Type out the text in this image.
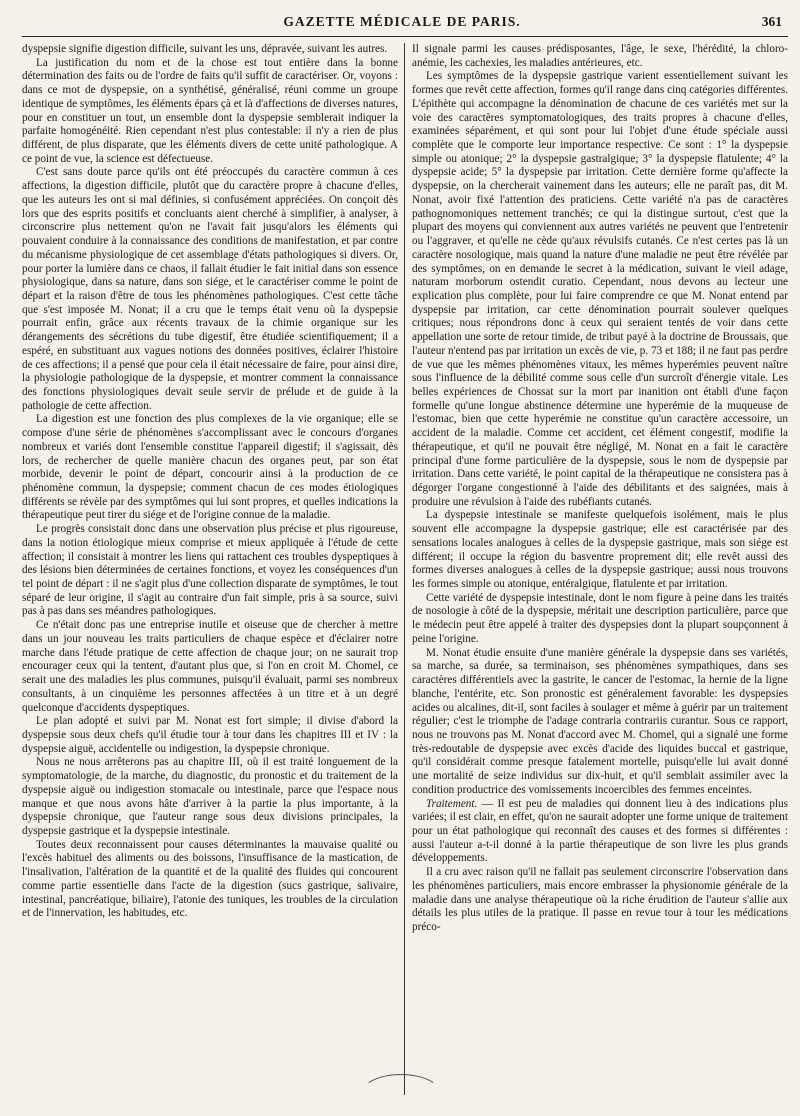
GAZETTE MÉDICALE DE PARIS.	361

dyspepsie signifie digestion difficile, suivant les uns, dépravée, suivant les autres.

La justification du nom et de la chose est tout entière dans la bonne détermination des faits ou de l'ordre de faits qu'il suffit de caractériser. Or, voyons : dans ce mot de dyspepsie, on a synthétisé, généralisé, réuni comme un groupe identique de symptômes, les éléments épars çà et là d'affections de diverses natures, pour en constituer un tout, un ensemble dont la dyspepsie semblerait indiquer la parfaite homogénéité. Rien cependant n'est plus contestable: il n'y a rien de plus différent, de plus disparate, que les éléments divers de cette unité pathologique. A ce point de vue, la science est défectueuse.

C'est sans doute parce qu'ils ont été préoccupés du caractère commun à ces affections, la digestion difficile, plutôt que du caractère propre à chacune d'elles, que les auteurs les ont si mal définies, si confusément appréciées. On conçoit dès lors que des esprits positifs et concluants aient cherché à simplifier, à analyser, à circonscrire plus nettement qu'on ne l'avait fait jusqu'alors les éléments qui pouvaient conduire à la connaissance des conditions de manifestation, et par contre du mécanisme physiologique de cet assemblage d'états pathologiques si divers. Or, pour porter la lumière dans ce chaos, il fallait étudier le fait initial dans son essence physiologique, dans sa nature, dans son siége, et le caractériser comme le point de départ et la raison d'être de tous les phénomènes pathologiques. C'est cette tâche que s'est imposée M. Nonat; il a cru que le temps était venu où la dyspepsie pourrait enfin, grâce aux récents travaux de la chimie organique sur les dérangements des sécrétions du tube digestif, être étudiée scientifiquement; il a espéré, en substituant aux vagues notions des données positives, éclairer l'histoire de ces affections; il a pensé que pour cela il était nécessaire de faire, pour ainsi dire, la physiologie pathologique de la dyspepsie, et montrer comment la connaissance des fonctions physiologiques devait seule servir de prélude et de guide à la pathologie de cette affection.

La digestion est une fonction des plus complexes de la vie organique; elle se compose d'une série de phénomènes s'accomplissant avec le concours d'organes nombreux et variés dont l'ensemble constitue l'appareil digestif; il s'agissait, dès lors, de rechercher de quelle manière chacun des organes peut, par son état morbide, devenir le point de départ, concourir ainsi à la production de ce phénomène commun, la dyspepsie; comment chacun de ces modes étiologiques différents se révèle par des symptômes qui lui sont propres, et quelles indications la thérapeutique peut tirer du siége et de l'origine connue de la maladie.

Le progrès consistait donc dans une observation plus précise et plus rigoureuse, dans la notion étiologique mieux comprise et mieux appliquée à l'étude de cette affection; il consistait à montrer les liens qui rattachent ces troubles dyspeptiques à des lésions bien déterminées de certaines fonctions, et voyez les conséquences d'un tel point de départ : il ne s'agit plus d'une collection disparate de symptômes, le tout séparé de leur origine, il s'agit au contraire d'un fait simple, pris à sa source, suivi pas à pas dans ses méandres pathologiques.

Ce n'était donc pas une entreprise inutile et oiseuse que de chercher à mettre dans un jour nouveau les traits particuliers de chaque espèce et d'éclairer notre marche dans l'étude pratique de cette affection de chaque jour; on ne saurait trop encourager ceux qui la tentent, d'autant plus que, si l'on en croit M. Chomel, ce serait une des maladies les plus communes, puisqu'il évaluait, parmi ses nombreux consultants, à un cinquième les personnes affectées à un titre et à un degré quelconque d'accidents dyspeptiques.

Le plan adopté et suivi par M. Nonat est fort simple; il divise d'abord la dyspepsie sous deux chefs qu'il étudie tour à tour dans les chapitres III et IV : la dyspepsie aiguë, accidentelle ou indigestion, la dyspepsie chronique.

Nous ne nous arrêterons pas au chapitre III, où il est traité longuement de la symptomatologie, de la marche, du diagnostic, du pronostic et du traitement de la dyspepsie aiguë ou indigestion stomacale ou intestinale, parce que l'espace nous manque et que nous avons hâte d'arriver à la partie la plus importante, à la dyspepsie chronique, que l'auteur range sous deux divisions principales, la dyspepsie gastrique et la dyspepsie intestinale.

Toutes deux reconnaissent pour causes déterminantes la mauvaise qualité ou l'excès habituel des aliments ou des boissons, l'insuffisance de la mastication, de l'insalivation, l'altération de la quantité et de la qualité des fluides qui concourent comme partie essentielle dans l'acte de la digestion (sucs gastrique, salivaire, intestinal, pancréatique, biliaire), l'atonie des tuniques, les troubles de la circulation et de l'innervation, les habitudes, etc.

Il signale parmi les causes prédisposantes, l'âge, le sexe, l'hérédité, la chloro-anémie, les cachexies, les maladies antérieures, etc.

Les symptômes de la dyspepsie gastrique varient essentiellement suivant les formes que revêt cette affection, formes qu'il range dans cinq catégories différentes. L'épithète qui accompagne la dénomination de chacune de ces variétés met sur la voie des caractères symptomatologiques, des traits propres à chacune d'elles, examinées séparément, et qui sont pour lui l'objet d'une étude spéciale aussi complète que le comporte leur importance respective. Ce sont : 1° la dyspepsie simple ou atonique; 2° la dyspepsie gastralgique; 3° la dyspepsie flatulente; 4° la dyspepsie acide; 5° la dyspepsie par irritation. Cette dernière forme qu'affecte la dyspepsie, on la chercherait vainement dans les auteurs; elle ne paraît pas, dit M. Nonat, avoir fixé l'attention des praticiens. Cette variété n'a pas de caractères pathognomoniques nettement tranchés; ce qui la distingue surtout, c'est que la plupart des moyens qui conviennent aux autres variétés ne peuvent que l'entretenir ou l'aggraver, et qu'elle ne cède qu'aux révulsifs cutanés. Ce n'est certes pas là un caractère nosologique, mais quand la nature d'une maladie ne peut être révélée par des symptômes, on en demande le secret à la médication, suivant le vieil adage, naturam morborum ostendit curatio. Cependant, nous devons au lecteur une explication plus complète, pour lui faire comprendre ce que M. Nonat entend par dyspepsie par irritation, car cette dénomination pourrait soulever quelques critiques; nous répondrons donc à ceux qui seraient tentés de voir dans cette appellation une sorte de retour timide, de tribut payé à la doctrine de Broussais, que l'auteur n'entend pas par irritation un excès de vie, p. 73 et 188; il ne faut pas perdre de vue que les mêmes phénomènes vitaux, les mêmes hyperémies peuvent naître sous l'influence de la débilité comme sous celle d'un surcroît d'énergie vitale. Les belles expériences de Chossat sur la mort par inanition ont établi d'une façon formelle qu'une longue abstinence détermine une hyperémie de la muqueuse de l'estomac, bien que cette hyperémie ne constitue qu'un caractère accessoire, un accident de la maladie. Comme cet accident, cet élément congestif, modifie la thérapeutique, et qu'il ne pouvait être négligé, M. Nonat en a fait le caractère principal d'une forme particulière de la dyspepsie, sous le nom de dyspepsie par irritation. Dans cette variété, le point capital de la thérapeutique ne consistera pas à dégorger l'organe congestionné à l'aide des débilitants et des saignées, mais à produire une révulsion à l'aide des rubéfiants cutanés.

La dyspepsie intestinale se manifeste quelquefois isolément, mais le plus souvent elle accompagne la dyspepsie gastrique; elle est caractérisée par des sensations locales analogues à celles de la dyspepsie gastrique, mais son siége est différent; il occupe la région du basventre proprement dit; elle revêt aussi des formes diverses analogues à celles de la dyspepsie gastrique; aussi nous trouvons les formes simple ou atonique, entéralgique, flatulente et par irritation.

Cette variété de dyspepsie intestinale, dont le nom figure à peine dans les traités de nosologie à côté de la dyspepsie, méritait une description particulière, parce que le médecin peut être appelé à traiter des dyspepsies dont la plupart soupçonnent à peine l'origine.

M. Nonat étudie ensuite d'une manière générale la dyspepsie dans ses variétés, sa marche, sa durée, sa terminaison, ses phénomènes sympathiques, dans ses caractères différentiels avec la gastrite, le cancer de l'estomac, la hernie de la ligne blanche, l'entérite, etc. Son pronostic est généralement favorable: les dyspepsies acides ou alcalines, dit-il, sont faciles à soulager et même à guérir par un traitement régulier; c'est le triomphe de l'adage contraria contrariis curantur. Sous ce rapport, nous ne trouvons pas M. Nonat d'accord avec M. Chomel, qui a signalé une forme très-redoutable de dyspepsie avec excès d'acide des liquides buccal et gastrique, qu'il considérait comme presque fatalement mortelle, puisqu'elle lui avait donné une mortalité de seize individus sur dix-huit, et qu'il semblait assimiler avec la condition productrice des vomissements incoercibles des femmes enceintes.

Traitement. — Il est peu de maladies qui donnent lieu à des indications plus variées; il est clair, en effet, qu'on ne saurait adopter une forme unique de traitement pour un état pathologique qui reconnaît des causes et des formes si différentes : aussi l'auteur a-t-il donné à la partie thérapeutique de son livre les plus grands développements.

Il a cru avec raison qu'il ne fallait pas seulement circonscrire l'observation dans les phénomènes particuliers, mais encore embrasser la physionomie générale de la maladie dans une analyse thérapeutique où la riche érudition de l'auteur s'allie aux détails les plus utiles de la pratique. Il passe en revue tour à tour les médications préco-
